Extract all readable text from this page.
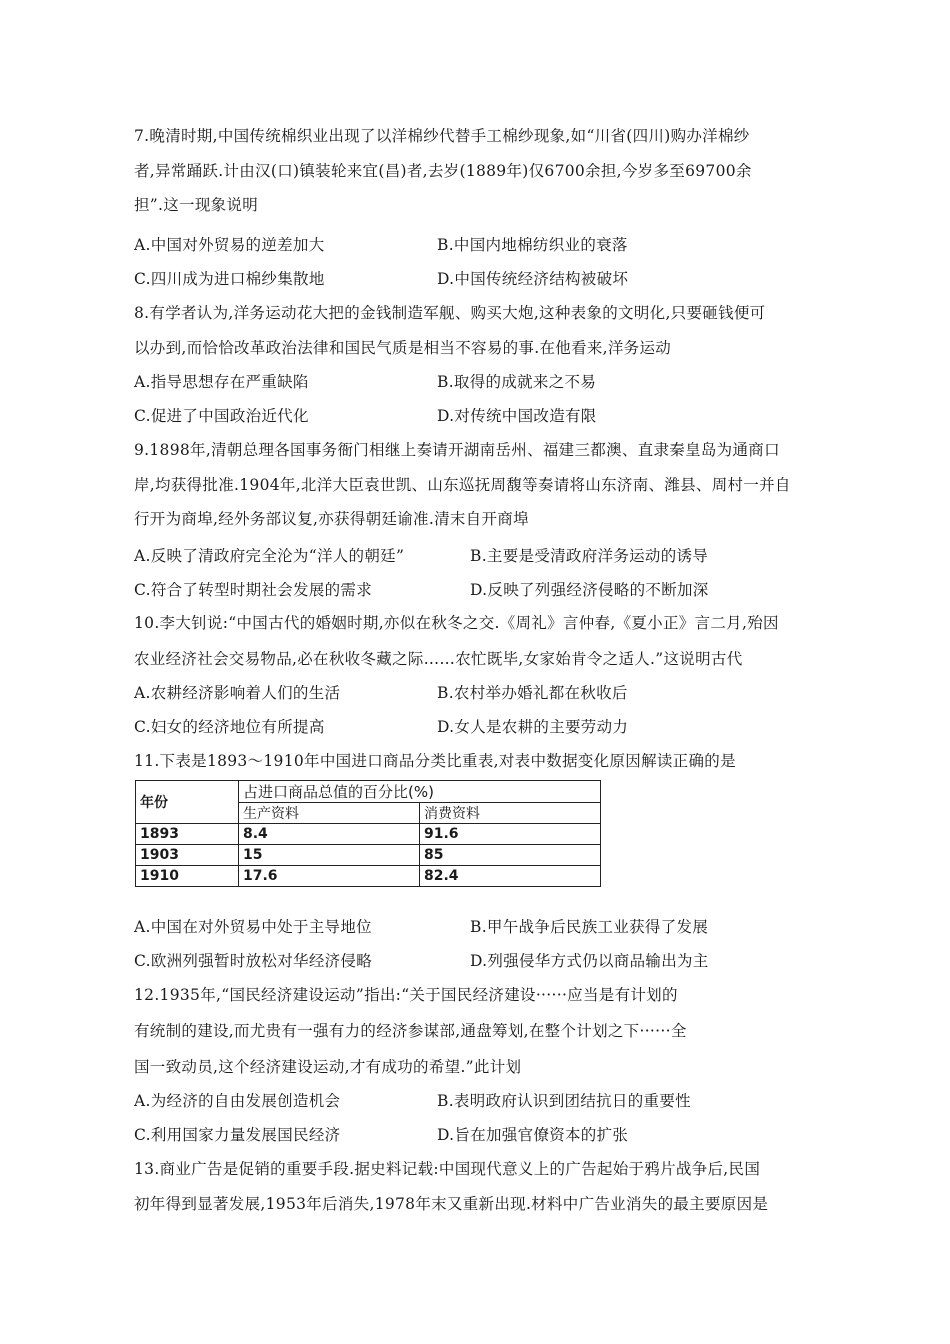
7.晚清时期,中国传统棉织业出现了以洋棉纱代替手工棉纱现象,如“川省(四川)购办洋棉纱
者,异常踊跃.计由汉(口)镇装轮来宜(昌)者,去岁(1889年)仅6700余担,今岁多至69700余
担”.这一现象说明
A.中国对外贸易的逆差加大	B.中国内地棉纺织业的衰落
C.四川成为进口棉纱集散地	D.中国传统经济结构被破坏
8.有学者认为,洋务运动花大把的金钱制造军舰、购买大炮,这种表象的文明化,只要砸钱便可
以办到,而恰恰改革政治法律和国民气质是相当不容易的事.在他看来,洋务运动
A.指导思想存在严重缺陷	B.取得的成就来之不易
C.促进了中国政治近代化	D.对传统中国改造有限
9.1898年,清朝总理各国事务衙门相继上奏请开湖南岳州、福建三都澳、直隶秦皇岛为通商口
岸,均获得批准.1904年,北洋大臣袁世凯、山东巡抚周馥等奏请将山东济南、潍县、周村一并自
行开为商埠,经外务部议复,亦获得朝廷谕准.清末自开商埠
A.反映了清政府完全沦为“洋人的朝廷”	B.主要是受清政府洋务运动的诱导
C.符合了转型时期社会发展的需求	D.反映了列强经济侵略的不断加深
10.李大钊说:“中国古代的婚姻时期,亦似在秋冬之交.《周礼》言仲春,《夏小正》言二月,殆因
农业经济社会交易物品,必在秋收冬藏之际……农忙既毕,女家始肯令之适人.”这说明古代
A.农耕经济影响着人们的生活	B.农村举办婚礼都在秋收后
C.妇女的经济地位有所提高	D.女人是农耕的主要劳动力
11.下表是1893～1910年中国进口商品分类比重表,对表中数据变化原因解读正确的是
年份	占进口商品总值的百分比(%)	
	生产资料	消费资料
1893	8.4	91.6
1903	15	85
1910	17.6	82.4
A.中国在对外贸易中处于主导地位	B.甲午战争后民族工业获得了发展
C.欧洲列强暂时放松对华经济侵略	D.列强侵华方式仍以商品输出为主
12.1935年,“国民经济建设运动”指出:“关于国民经济建设······应当是有计划的
有统制的建设,而尤贵有一强有力的经济参谋部,通盘筹划,在整个计划之下······全
国一致动员,这个经济建设运动,才有成功的希望.”此计划
A.为经济的自由发展创造机会	B.表明政府认识到团结抗日的重要性
C.利用国家力量发展国民经济	D.旨在加强官僚资本的扩张
13.商业广告是促销的重要手段.据史料记载:中国现代意义上的广告起始于鸦片战争后,民国
初年得到显著发展,1953年后消失,1978年末又重新出现.材料中广告业消失的最主要原因是
